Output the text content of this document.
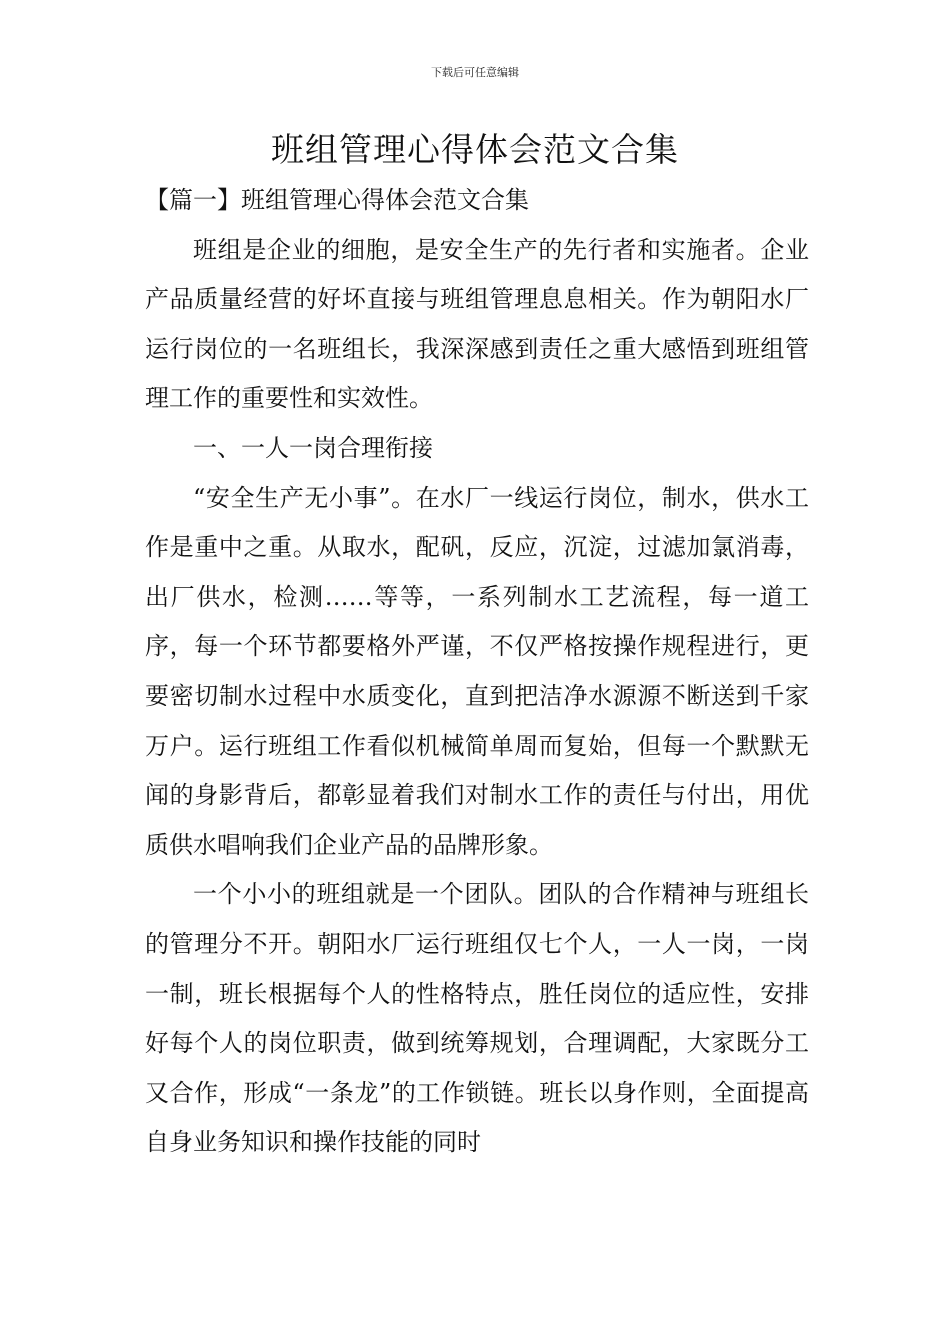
下载后可任意编辑
班组管理心得体会范文合集

【篇一】班组管理心得体会范文合集

班组是企业的细胞，是安全生产的先行者和实施者。企业产品质量经营的好坏直接与班组管理息息相关。作为朝阳水厂运行岗位的一名班组长，我深深感到责任之重大感悟到班组管理工作的重要性和实效性。

一、一人一岗合理衔接

“安全生产无小事”。在水厂一线运行岗位，制水，供水工作是重中之重。从取水，配矾，反应，沉淀，过滤加氯消毒，出厂供水，检测……等等，一系列制水工艺流程，每一道工序，每一个环节都要格外严谨，不仅严格按操作规程进行，更要密切制水过程中水质变化，直到把洁净水源源不断送到千家万户。运行班组工作看似机械简单周而复始，但每一个默默无闻的身影背后，都彰显着我们对制水工作的责任与付出，用优质供水唱响我们企业产品的品牌形象。

一个小小的班组就是一个团队。团队的合作精神与班组长的管理分不开。朝阳水厂运行班组仅七个人，一人一岗，一岗一制，班长根据每个人的性格特点，胜任岗位的适应性，安排好每个人的岗位职责，做到统筹规划，合理调配，大家既分工又合作，形成“一条龙”的工作锁链。班长以身作则，全面提高自身业务知识和操作技能的同时
